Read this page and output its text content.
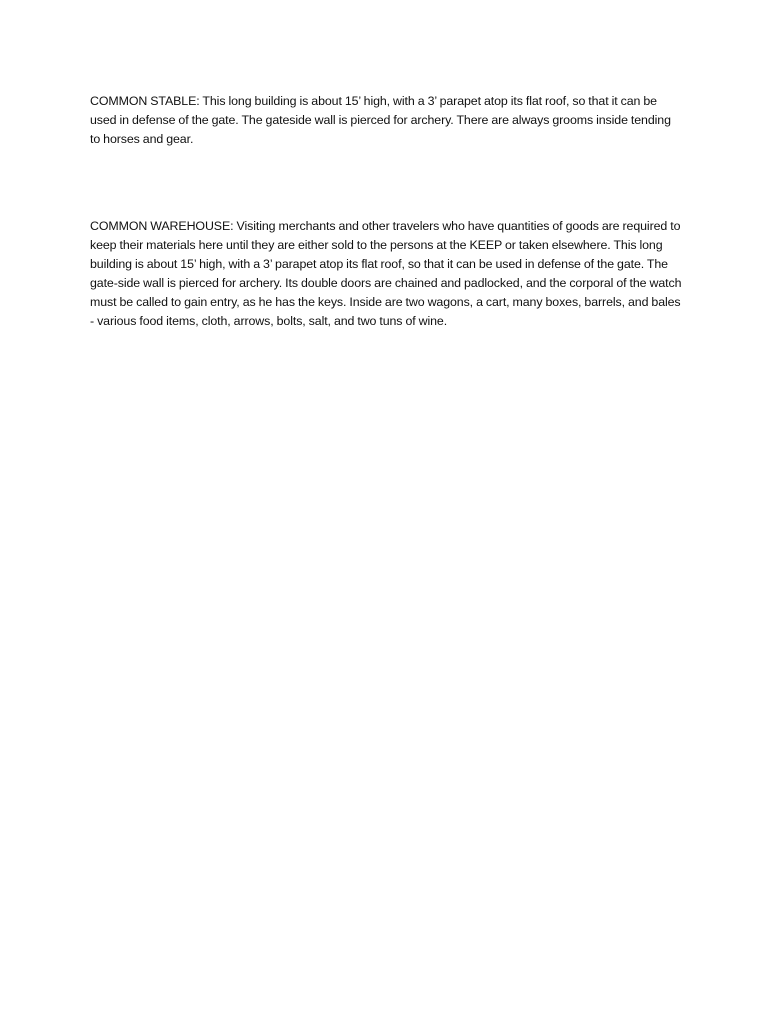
COMMON STABLE: This long building is about 15’ high, with a 3’ parapet atop its flat roof, so that it can be used in defense of the gate. The gateside wall is pierced for archery. There are always grooms inside tending to horses and gear.

COMMON WAREHOUSE: Visiting merchants and other travelers who have quantities of goods are required to keep their materials here until they are either sold to the persons at the KEEP or taken elsewhere. This long building is about 15’ high, with a 3’ parapet atop its flat roof, so that it can be used in defense of the gate. The gate-side wall is pierced for archery. Its double doors are chained and padlocked, and the corporal of the watch must be called to gain entry, as he has the keys. Inside are two wagons, a cart, many boxes, barrels, and bales - various food items, cloth, arrows, bolts, salt, and two tuns of wine.
